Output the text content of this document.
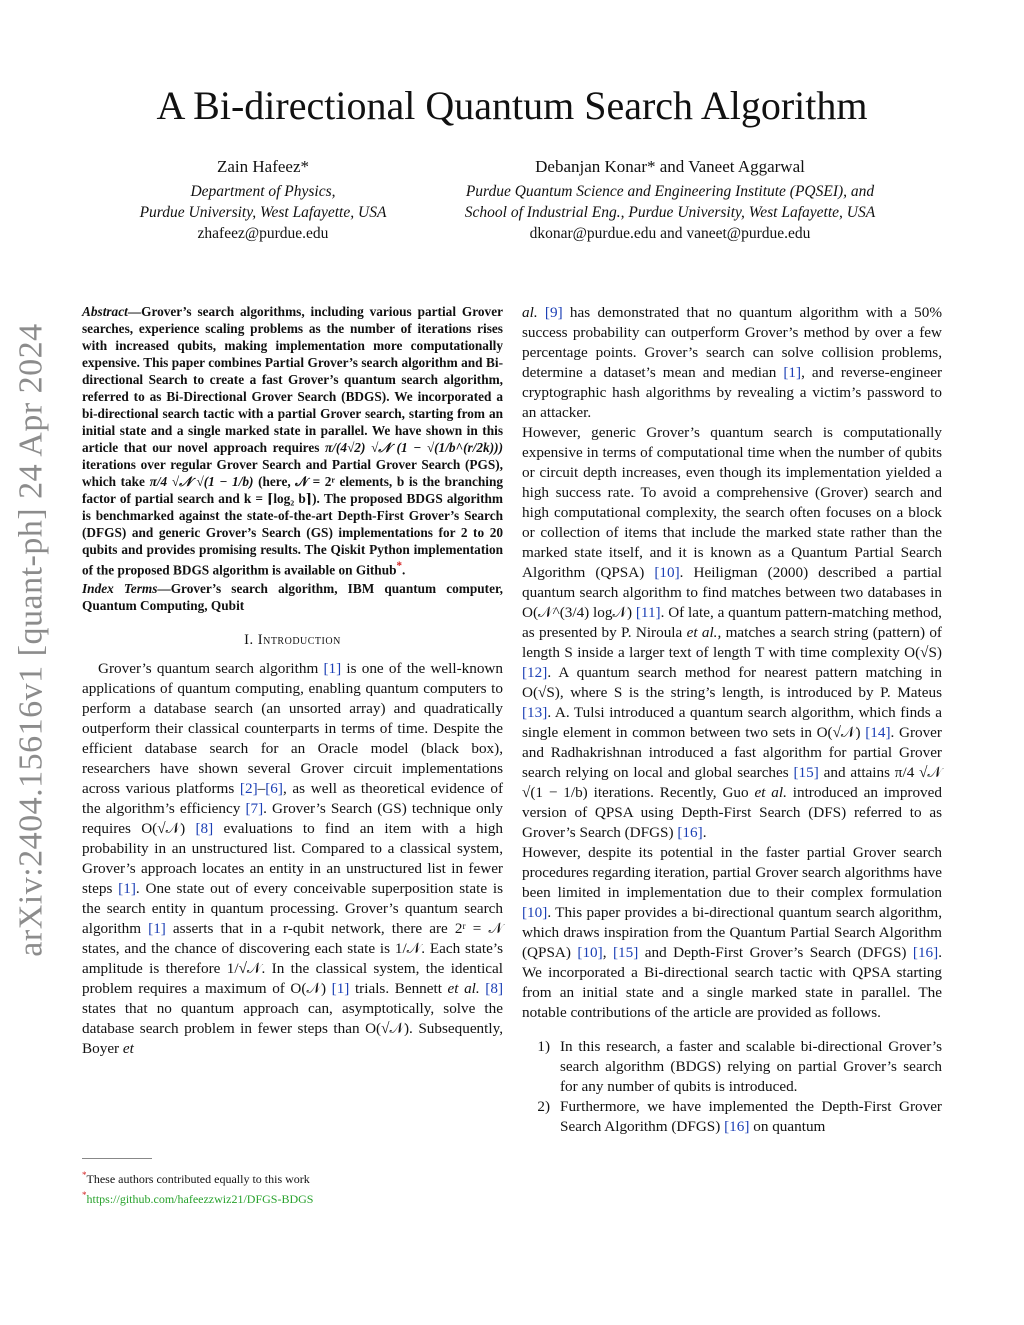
arXiv:2404.15616v1 [quant-ph] 24 Apr 2024
A Bi-directional Quantum Search Algorithm
Zain Hafeez*
Department of Physics,
Purdue University, West Lafayette, USA
zhafeez@purdue.edu
Debanjan Konar* and Vaneet Aggarwal
Purdue Quantum Science and Engineering Institute (PQSEI), and
School of Industrial Eng., Purdue University, West Lafayette, USA
dkonar@purdue.edu and vaneet@purdue.edu

Abstract—Grover’s search algorithms, including various partial Grover searches, experience scaling problems as the number of iterations rises with increased qubits, making implementation more computationally expensive. This paper combines Partial Grover’s search algorithm and Bi-directional Search to create a fast Grover’s quantum search algorithm, referred to as Bi-Directional Grover Search (BDGS). We incorporated a bi-directional search tactic with a partial Grover search, starting from an initial state and a single marked state in parallel. We have shown in this article that our novel approach requires π/(4√2) √𝒩 (1 − √(1/b^(r/2k))) iterations over regular Grover Search and Partial Grover Search (PGS), which take π/4 √𝒩 √(1 − 1/b) (here, 𝒩 = 2ʳ elements, b is the branching factor of partial search and k = ⌈log₂ b⌉). The proposed BDGS algorithm is benchmarked against the state-of-the-art Depth-First Grover’s Search (DFGS) and generic Grover’s Search (GS) implementations for 2 to 20 qubits and provides promising results. The Qiskit Python implementation of the proposed BDGS algorithm is available on Github*.

Index Terms—Grover’s search algorithm, IBM quantum computer, Quantum Computing, Qubit

I. Introduction

Grover’s quantum search algorithm [1] is one of the well-known applications of quantum computing, enabling quantum computers to perform a database search (an unsorted array) and quadratically outperform their classical counterparts in terms of time. Despite the efficient database search for an Oracle model (black box), researchers have shown several Grover circuit implementations across various platforms [2]–[6], as well as theoretical evidence of the algorithm’s efficiency [7]. Grover’s Search (GS) technique only requires O(√𝒩) [8] evaluations to find an item with a high probability in an unstructured list. Compared to a classical system, Grover’s approach locates an entity in an unstructured list in fewer steps [1]. One state out of every conceivable superposition state is the search entity in quantum processing. Grover’s quantum search algorithm [1] asserts that in a r-qubit network, there are 2ʳ = 𝒩 states, and the chance of discovering each state is 1/𝒩. Each state’s amplitude is therefore 1/√𝒩. In the classical system, the identical problem requires a maximum of O(𝒩) [1] trials. Bennett et al. [8] states that no quantum approach can, asymptotically, solve the database search problem in fewer steps than O(√𝒩). Subsequently, Boyer et

*These authors contributed equally to this work
*https://github.com/hafeezzwiz21/DFGS-BDGS

al. [9] has demonstrated that no quantum algorithm with a 50% success probability can outperform Grover’s method by over a few percentage points. Grover’s search can solve collision problems, determine a dataset’s mean and median [1], and reverse-engineer cryptographic hash algorithms by revealing a victim’s password to an attacker.

However, generic Grover’s quantum search is computationally expensive in terms of computational time when the number of qubits or circuit depth increases, even though its implementation yielded a high success rate. To avoid a comprehensive (Grover) search and high computational complexity, the search often focuses on a block or collection of items that include the marked state rather than the marked state itself, and it is known as a Quantum Partial Search Algorithm (QPSA) [10]. Heiligman (2000) described a partial quantum search algorithm to find matches between two databases in O(𝒩^(3/4) log𝒩) [11]. Of late, a quantum pattern-matching method, as presented by P. Niroula et al., matches a search string (pattern) of length S inside a larger text of length T with time complexity O(√S) [12]. A quantum search method for nearest pattern matching in O(√S), where S is the string’s length, is introduced by P. Mateus [13]. A. Tulsi introduced a quantum search algorithm, which finds a single element in common between two sets in O(√𝒩) [14]. Grover and Radhakrishnan introduced a fast algorithm for partial Grover search relying on local and global searches [15] and attains π/4 √𝒩 √(1 − 1/b) iterations. Recently, Guo et al. introduced an improved version of QPSA using Depth-First Search (DFS) referred to as Grover’s Search (DFGS) [16].

However, despite its potential in the faster partial Grover search procedures regarding iteration, partial Grover search algorithms have been limited in implementation due to their complex formulation [10]. This paper provides a bi-directional quantum search algorithm, which draws inspiration from the Quantum Partial Search Algorithm (QPSA) [10], [15] and Depth-First Grover’s Search (DFGS) [16]. We incorporated a Bi-directional search tactic with QPSA starting from an initial state and a single marked state in parallel. The notable contributions of the article are provided as follows.

1) In this research, a faster and scalable bi-directional Grover’s search algorithm (BDGS) relying on partial Grover’s search for any number of qubits is introduced.
2) Furthermore, we have implemented the Depth-First Grover Search Algorithm (DFGS) [16] on quantum
